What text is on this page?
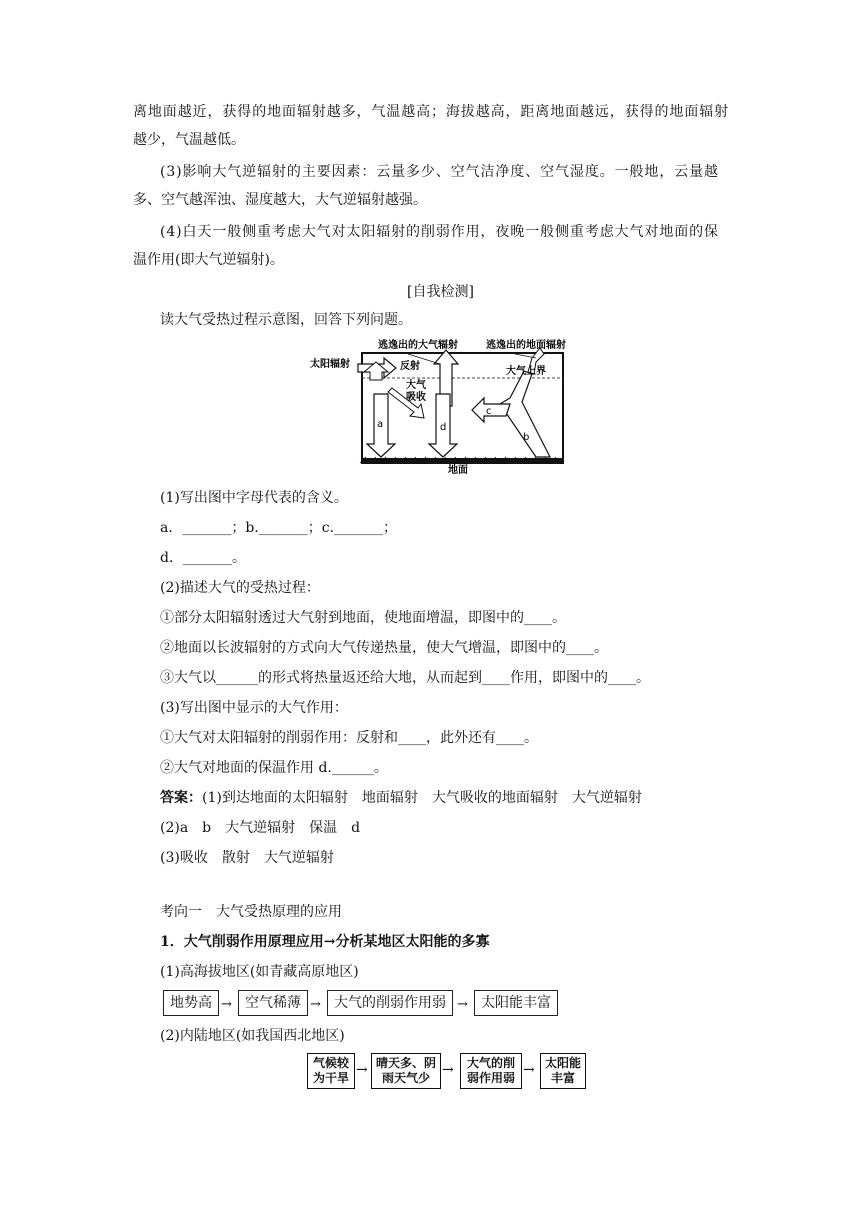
离地面越近，获得的地面辐射越多，气温越高；海拔越高，距离地面越远，获得的地面辐射
越少，气温越低。
(3)影响大气逆辐射的主要因素：云量多少、空气洁净度、空气湿度。一般地，云量越
多、空气越浑浊、湿度越大，大气逆辐射越强。
(4)白天一般侧重考虑大气对太阳辐射的削弱作用，夜晚一般侧重考虑大气对地面的保
温作用(即大气逆辐射)。
[自我检测]
读大气受热过程示意图，回答下列问题。
a	d
b
c
太阳辐射	反射
逃逸出的大气辐射	逃逸出的地面辐射
大气上界
大气
吸收
地面
(1)写出图中字母代表的含义。
a．_______；b._______；c._______；
d．_______。
(2)描述大气的受热过程：
①部分太阳辐射透过大气射到地面，使地面增温，即图中的____。
②地面以长波辐射的方式向大气传递热量，使大气增温，即图中的____。
③大气以______的形式将热量返还给大地，从而起到____作用，即图中的____。
(3)写出图中显示的大气作用：
①大气对太阳辐射的削弱作用：反射和____，此外还有____。
②大气对地面的保温作用 d.______。
答案：(1)到达地面的太阳辐射　地面辐射　大气吸收的地面辐射　大气逆辐射
(2)a　b　大气逆辐射　保温　d
(3)吸收　散射　大气逆辐射
考向一　大气受热原理的应用
1．大气削弱作用原理应用→分析某地区太阳能的多寡
(1)高海拔地区(如青藏高原地区)
地势高 → 空气稀薄 → 大气的削弱作用弱 → 太阳能丰富
(2)内陆地区(如我国西北地区)
气候较
为干旱 → 晴天多、阴
雨天气少 →	大气的削
弱作用弱 → 太阳能
丰富
